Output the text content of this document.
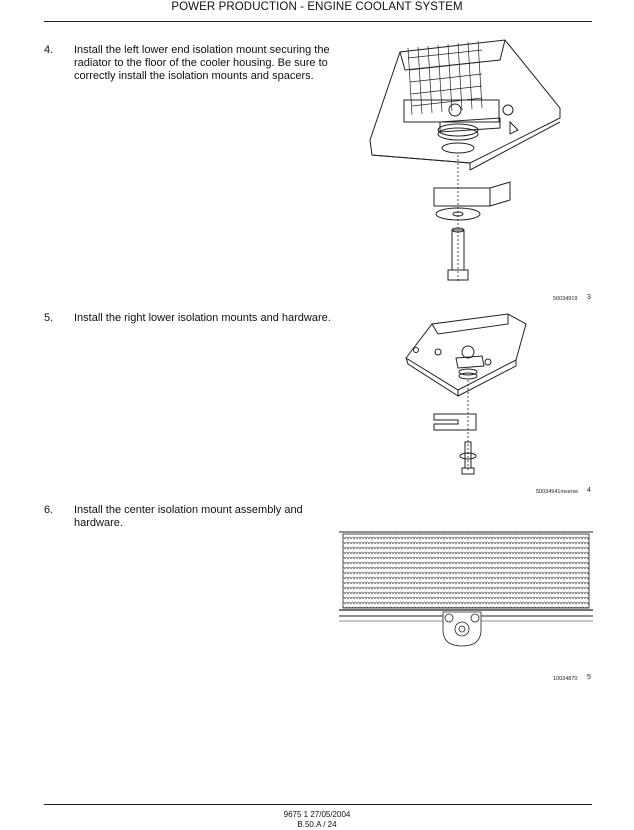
POWER PRODUCTION - ENGINE COOLANT SYSTEM
4. Install the left lower end isolation mount securing the radiator to the floor of the cooler housing. Be sure to correctly install the isolation mounts and spacers.
50034919 3
5. Install the right lower isolation mounts and hardware.
50034941inverse 4
6. Install the center isolation mount assembly and hardware.
10034870 5
9675 1 27/05/2004
B.50.A / 24
